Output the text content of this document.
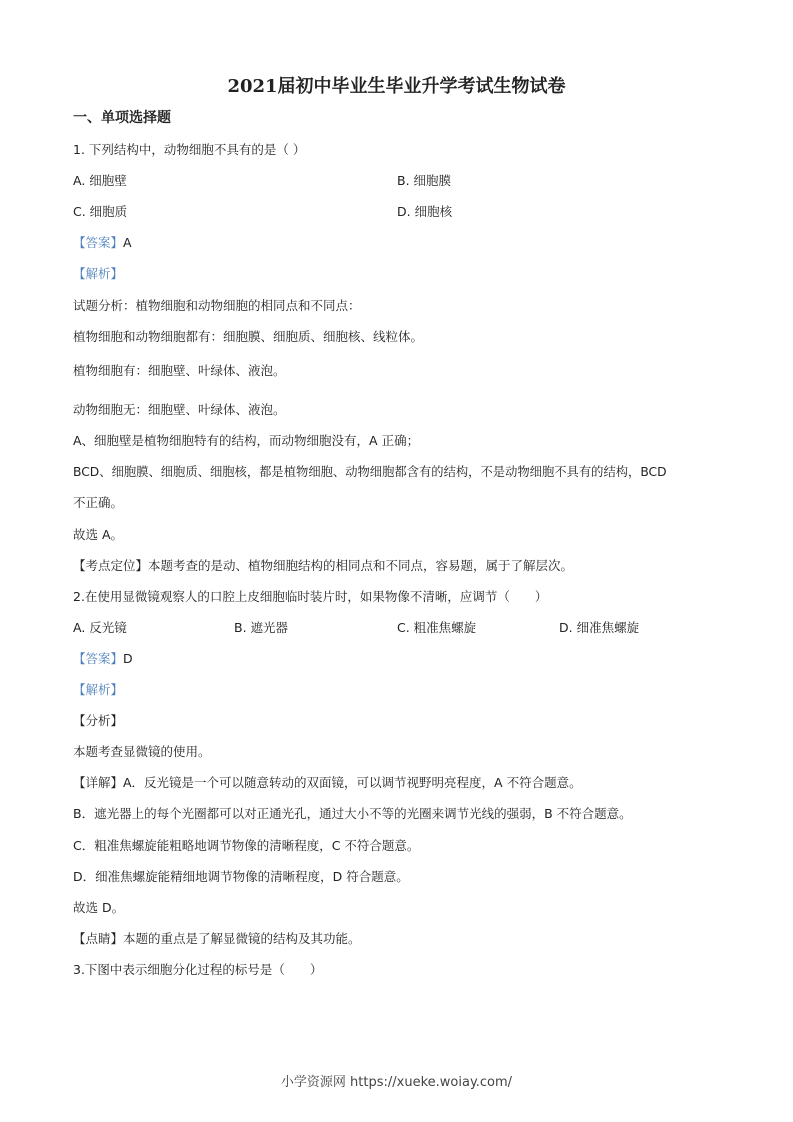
2021届初中毕业生毕业升学考试生物试卷
一、单项选择题
1. 下列结构中，动物细胞不具有的是（ ）
A. 细胞壁	B. 细胞膜
C. 细胞质	D. 细胞核
【答案】A
【解析】
试题分析：植物细胞和动物细胞的相同点和不同点：
植物细胞和动物细胞都有：细胞膜、细胞质、细胞核、线粒体。
植物细胞有：细胞壁、叶绿体、液泡。
动物细胞无：细胞壁、叶绿体、液泡。
A、细胞壁是植物细胞特有的结构，而动物细胞没有，A 正确；
BCD、细胞膜、细胞质、细胞核，都是植物细胞、动物细胞都含有的结构，不是动物细胞不具有的结构，BCD
不正确。
故选 A。
【考点定位】本题考查的是动、植物细胞结构的相同点和不同点，容易题，属于了解层次。
2.在使用显微镜观察人的口腔上皮细胞临时装片时，如果物像不清晰，应调节（　　）
A. 反光镜	B. 遮光器	C. 粗准焦螺旋	D. 细准焦螺旋
【答案】D
【解析】
【分析】
本题考查显微镜的使用。
【详解】A．反光镜是一个可以随意转动的双面镜，可以调节视野明亮程度，A 不符合题意。
B．遮光器上的每个光圈都可以对正通光孔，通过大小不等的光圈来调节光线的强弱，B 不符合题意。
C．粗准焦螺旋能粗略地调节物像的清晰程度，C 不符合题意。
D．细准焦螺旋能精细地调节物像的清晰程度，D 符合题意。
故选 D。
【点睛】本题的重点是了解显微镜的结构及其功能。
3.下图中表示细胞分化过程的标号是（　　）
小学资源网 https://xueke.woiay.com/
